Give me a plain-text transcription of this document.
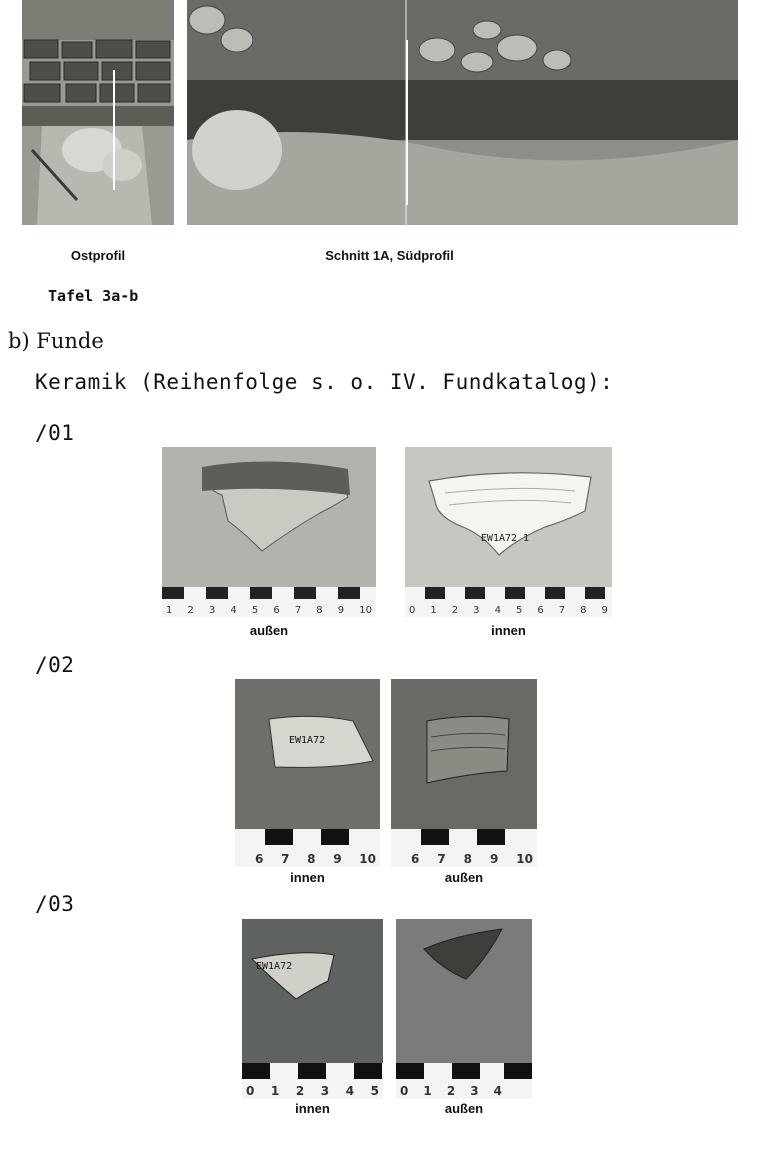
Ostprofil	Schnitt 1A, Südprofil
Tafel 3a-b
b) Funde
Keramik (Reihenfolge s. o. IV. Fundkatalog):
/01
1 2 3 4 5 6 7 8 9 10
EW1A72 1
0 1 2 3 4 5 6 7 8 9
außen	innen
/02
EW1A72
6 7 8 9 10	6 7 8 9 10
innen	außen
/03
EW1A72
0 1 2 3 4 5 0 1 2 3 4
innen	außen
